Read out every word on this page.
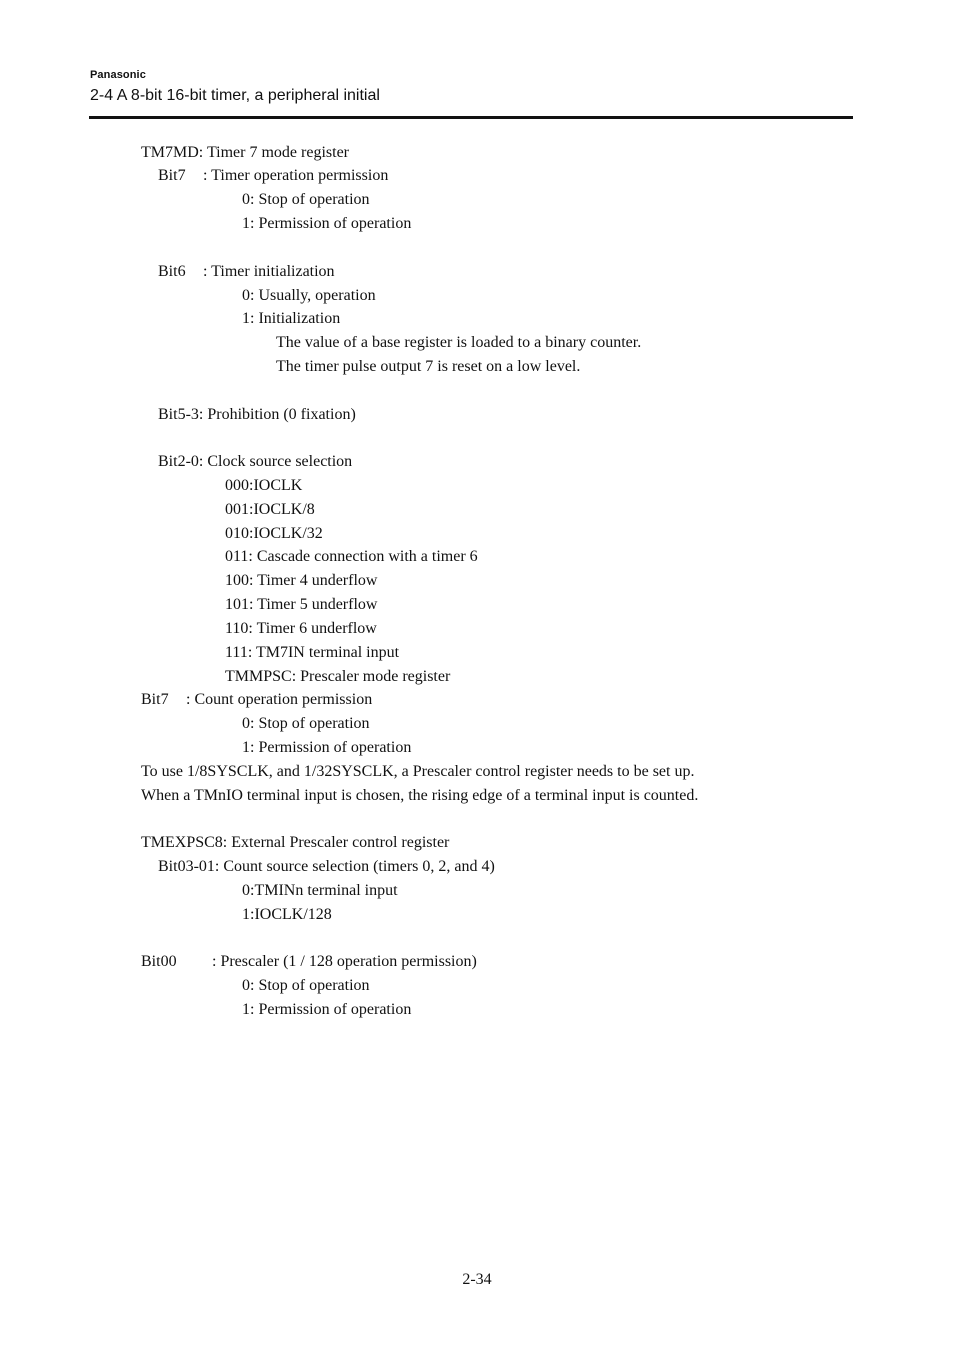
Panasonic
2-4 A 8-bit 16-bit timer, a peripheral initial
TM7MD: Timer 7 mode register
Bit7 : Timer operation permission
0: Stop of operation
1: Permission of operation
Bit6 : Timer initialization
0: Usually, operation
1: Initialization
The value of a base register is loaded to a binary counter.
The timer pulse output 7 is reset on a low level.
Bit5-3: Prohibition (0 fixation)
Bit2-0: Clock source selection
000:IOCLK
001:IOCLK/8
010:IOCLK/32
011: Cascade connection with a timer 6
100: Timer 4 underflow
101: Timer 5 underflow
110: Timer 6 underflow
111: TM7IN terminal input
TMMPSC: Prescaler mode register
Bit7 : Count operation permission
0: Stop of operation
1: Permission of operation
To use 1/8SYSCLK, and 1/32SYSCLK, a Prescaler control register needs to be set up.
When a TMnIO terminal input is chosen, the rising edge of a terminal input is counted.
TMEXPSC8: External Prescaler control register
Bit03-01: Count source selection (timers 0, 2, and 4)
0:TMINn terminal input
1:IOCLK/128
Bit00 : Prescaler (1 / 128 operation permission)
0: Stop of operation
1: Permission of operation
2-34
